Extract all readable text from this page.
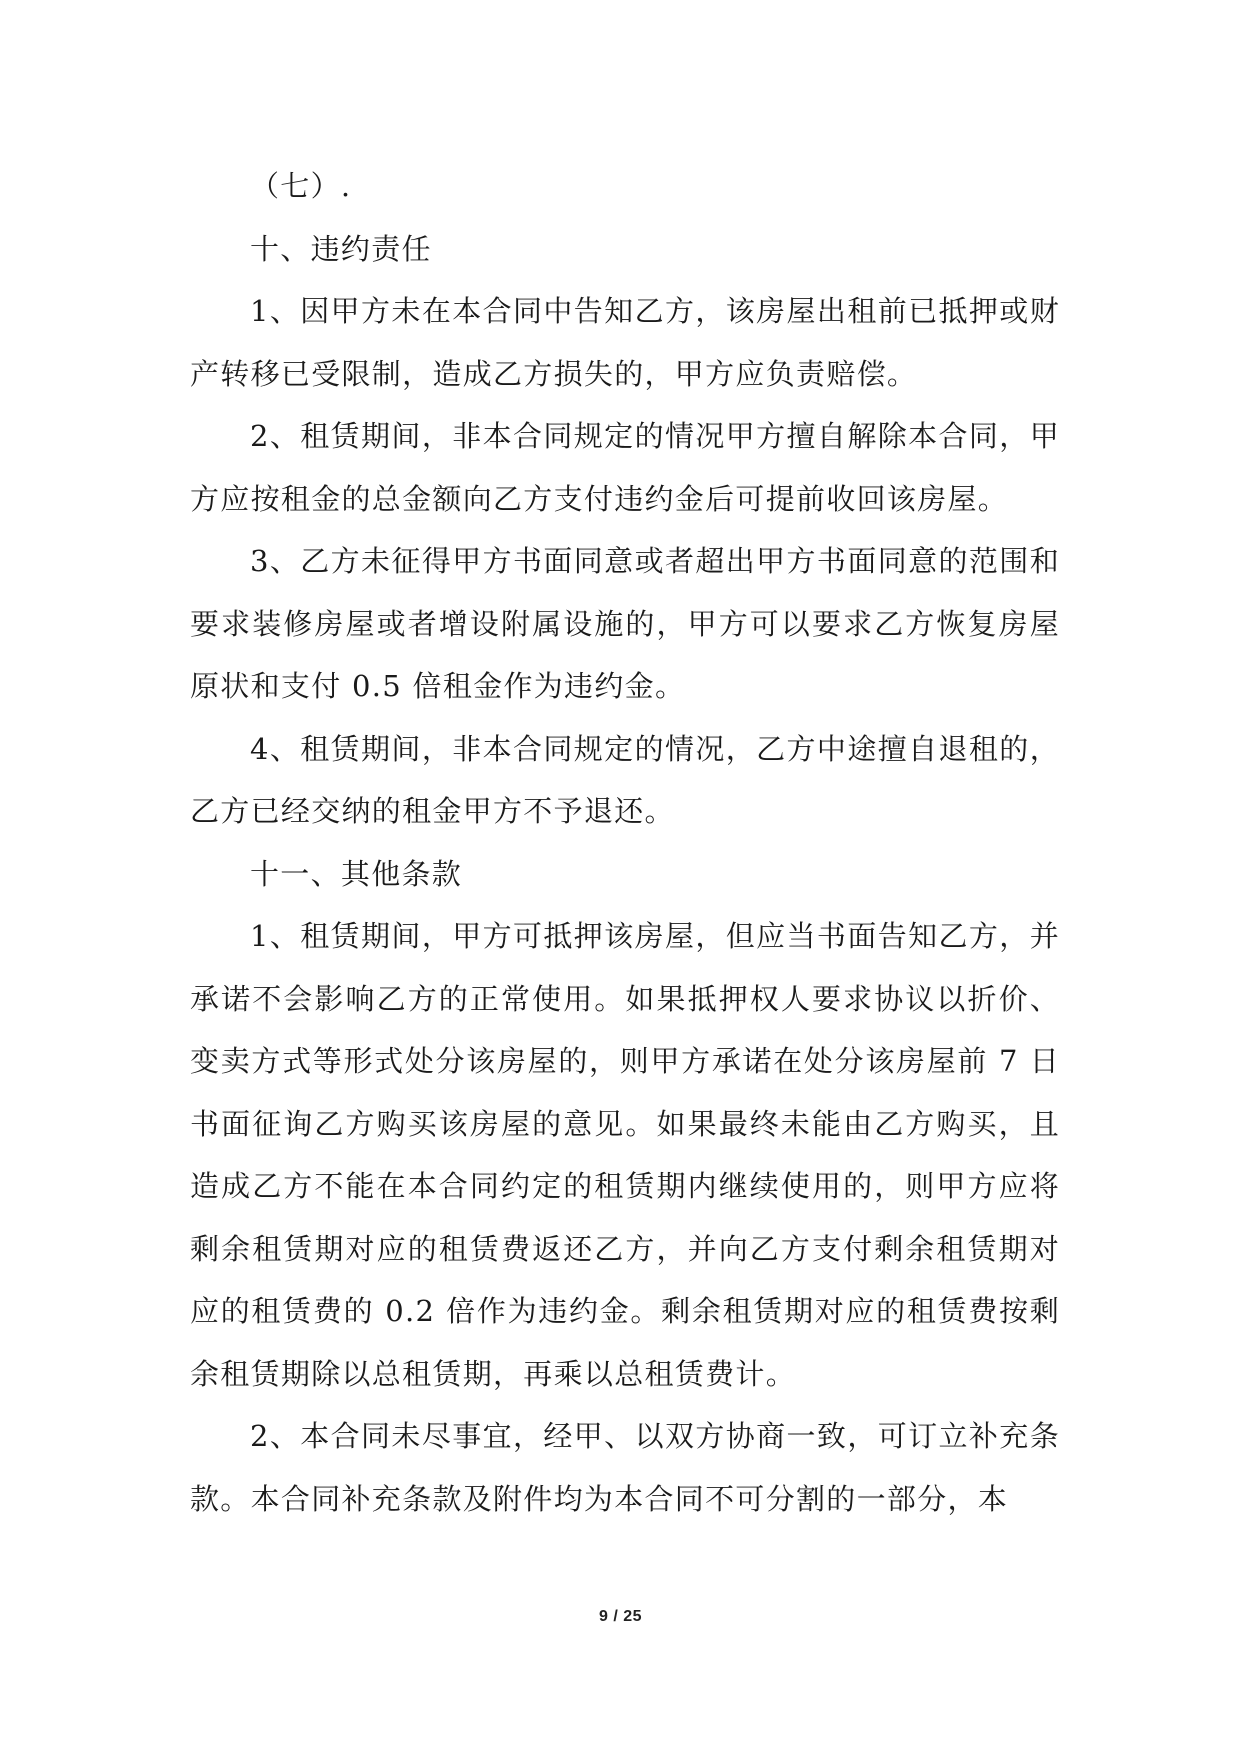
（七）.

十、违约责任

1、因甲方未在本合同中告知乙方，该房屋出租前已抵押或财产转移已受限制，造成乙方损失的，甲方应负责赔偿。

2、租赁期间，非本合同规定的情况甲方擅自解除本合同，甲方应按租金的总金额向乙方支付违约金后可提前收回该房屋。

3、乙方未征得甲方书面同意或者超出甲方书面同意的范围和要求装修房屋或者增设附属设施的，甲方可以要求乙方恢复房屋原状和支付 0.5 倍租金作为违约金。

4、租赁期间，非本合同规定的情况，乙方中途擅自退租的，乙方已经交纳的租金甲方不予退还。

十一、其他条款

1、租赁期间，甲方可抵押该房屋，但应当书面告知乙方，并承诺不会影响乙方的正常使用。如果抵押权人要求协议以折价、变卖方式等形式处分该房屋的，则甲方承诺在处分该房屋前 7 日书面征询乙方购买该房屋的意见。如果最终未能由乙方购买，且造成乙方不能在本合同约定的租赁期内继续使用的，则甲方应将剩余租赁期对应的租赁费返还乙方，并向乙方支付剩余租赁期对应的租赁费的 0.2 倍作为违约金。剩余租赁期对应的租赁费按剩余租赁期除以总租赁期，再乘以总租赁费计。

2、本合同未尽事宜，经甲、以双方协商一致，可订立补充条款。本合同补充条款及附件均为本合同不可分割的一部分，本

9 / 25
